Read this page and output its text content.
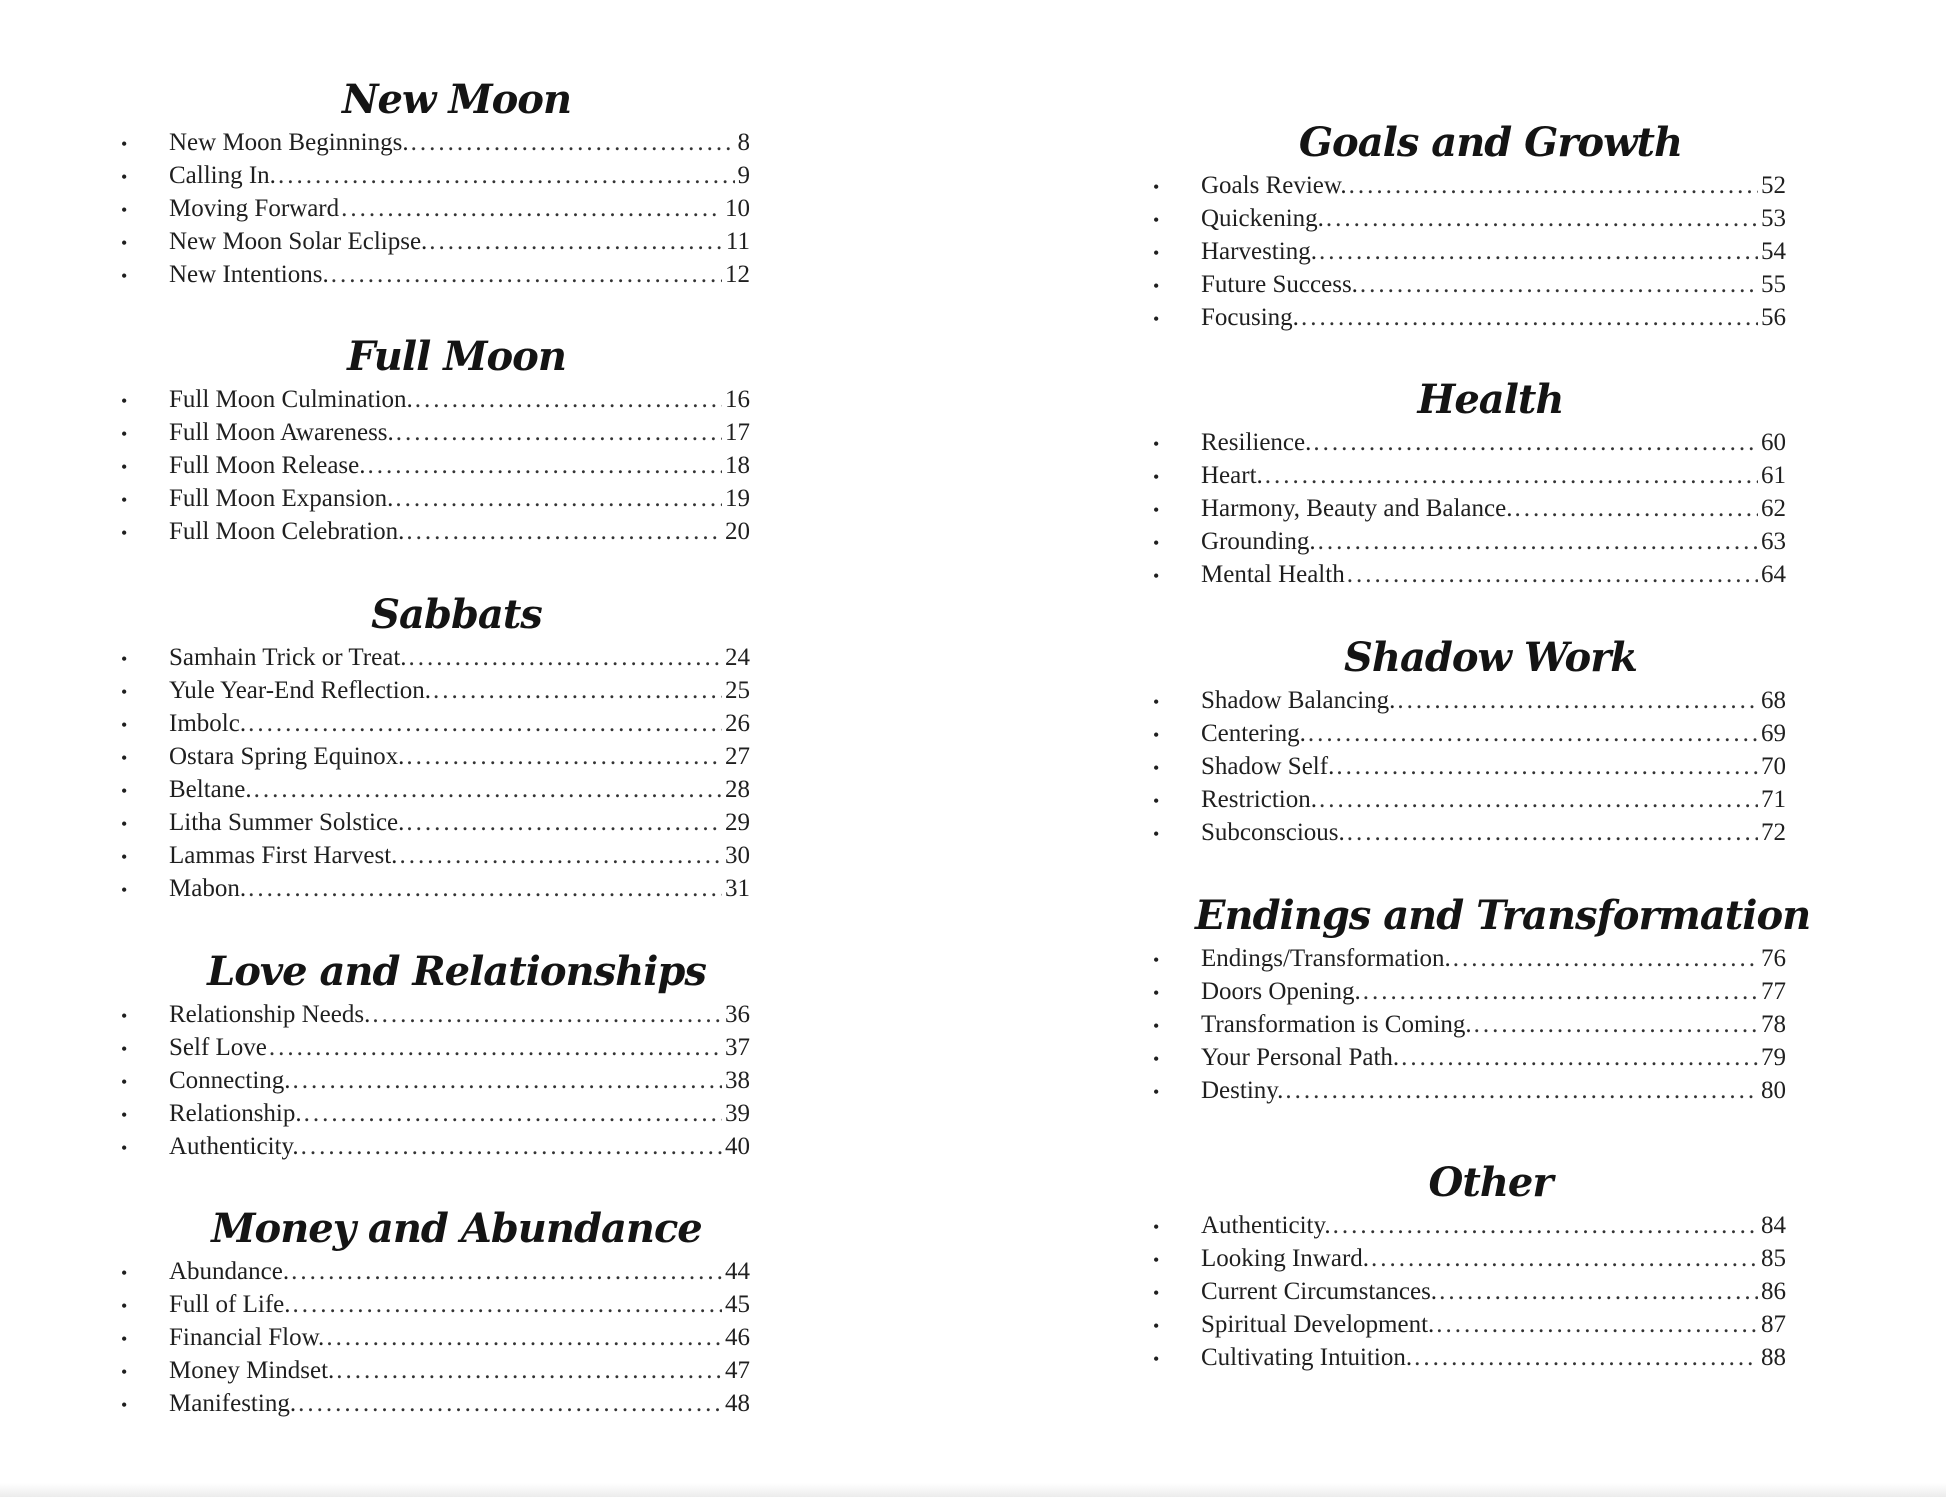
New Moon
•	New Moon Beginnings. .....	8
•	Calling In. .....	9
•	Moving Forward .....	10
•	New Moon Solar Eclipse. .....	11
•	New Intentions. .....	12
Full Moon
•	Full Moon Culmination. .....	16
•	Full Moon Awareness. .....	17
•	Full Moon Release. .....	18
•	Full Moon Expansion. .....	19
•	Full Moon Celebration. .....	20
Sabbats
•	Samhain Trick or Treat. .....	24
•	Yule Year-End Reflection. .....	25
•	Imbolc. .....	26
•	Ostara Spring Equinox. .....	27
•	Beltane. .....	28
•	Litha Summer Solstice. .....	29
•	Lammas First Harvest. .....	30
•	Mabon. .....	31
Love and Relationships
•	Relationship Needs. .....	36
•	Self Love .....	37
•	Connecting. .....	38
•	Relationship. .....	39
•	Authenticity. .....	40
Money and Abundance
•	Abundance. .....	44
•	Full of Life. .....	45
•	Financial Flow. .....	46
•	Money Mindset. .....	47
•	Manifesting. .....	48
Goals and Growth
•	Goals Review. .....	52
•	Quickening. .....	53
•	Harvesting. .....	54
•	Future Success. .....	55
•	Focusing. .....	56
Health
•	Resilience. .....	60
•	Heart. .....	61
•	Harmony, Beauty and Balance. .....	62
•	Grounding. .....	63
•	Mental Health .....	64
Shadow Work
•	Shadow Balancing. .....	68
•	Centering. .....	69
•	Shadow Self. .....	70
•	Restriction. .....	71
•	Subconscious. .....	72
Endings and Transformation
•	Endings/Transformation. .....	76
•	Doors Opening. .....	77
•	Transformation is Coming. .....	78
•	Your Personal Path. .....	79
•	Destiny. .....	80
Other
•	Authenticity. .....	84
•	Looking Inward. .....	85
•	Current Circumstances. .....	86
•	Spiritual Development. .....	87
•	Cultivating Intuition. .....	88
